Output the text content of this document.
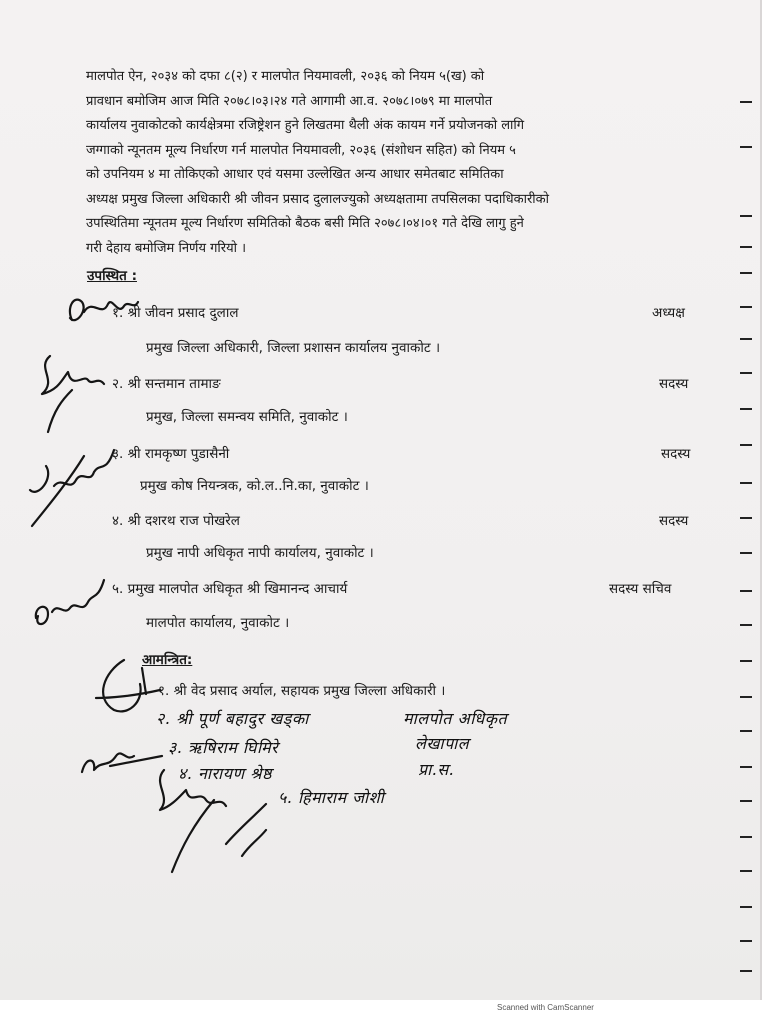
मालपोत ऐन, २०३४ को दफा ८(२) र मालपोत नियमावली, २०३६ को नियम ५(ख) को
प्रावधान बमोजिम आज मिति २०७८।०३।२४ गते आगामी आ.व. २०७८।०७९ मा मालपोत
कार्यालय नुवाकोटको कार्यक्षेत्रमा रजिष्ट्रेशन हुने लिखतमा थैली अंक कायम गर्ने प्रयोजनको लागि
जग्गाको न्यूनतम मूल्य निर्धारण गर्न मालपोत नियमावली, २०३६ (संशोधन सहित) को नियम ५
को उपनियम ४ मा तोकिएको आधार एवं यसमा उल्लेखित अन्य आधार समेतबाट समितिका
अध्यक्ष प्रमुख जिल्ला अधिकारी श्री जीवन प्रसाद दुलालज्युको अध्यक्षतामा तपसिलका पदाधिकारीको
उपस्थितिमा न्यूनतम मूल्य निर्धारण समितिको बैठक बसी मिति २०७८।०४।०१ गते देखि लागु हुने
गरी देहाय बमोजिम निर्णय गरियो ।
उपस्थित :
१. श्री जीवन प्रसाद दुलाल	अध्यक्ष
प्रमुख जिल्ला अधिकारी, जिल्ला प्रशासन कार्यालय नुवाकोट ।
२. श्री सन्तमान तामाङ	सदस्य
प्रमुख, जिल्ला समन्वय समिति, नुवाकोट ।
३. श्री रामकृष्ण पुडासैनी	सदस्य
प्रमुख कोष नियन्त्रक, को.ल..नि.का, नुवाकोट ।
४. श्री दशरथ राज पोखरेल	सदस्य
प्रमुख नापी अधिकृत नापी कार्यालय, नुवाकोट ।
५. प्रमुख मालपोत अधिकृत श्री खिमानन्द आचार्य	सदस्य सचिव
मालपोत कार्यालय, नुवाकोट ।
आमन्त्रित:
१. श्री वेद प्रसाद अर्याल, सहायक प्रमुख जिल्ला अधिकारी ।
२. श्री पूर्ण बहादुर खड्का	मालपोत अधिकृत
३. ऋषिराम घिमिरे	लेखापाल
४. नारायण श्रेष्ठ	प्रा.स.
५. हिमाराम जोशी
Scanned with CamScanner
